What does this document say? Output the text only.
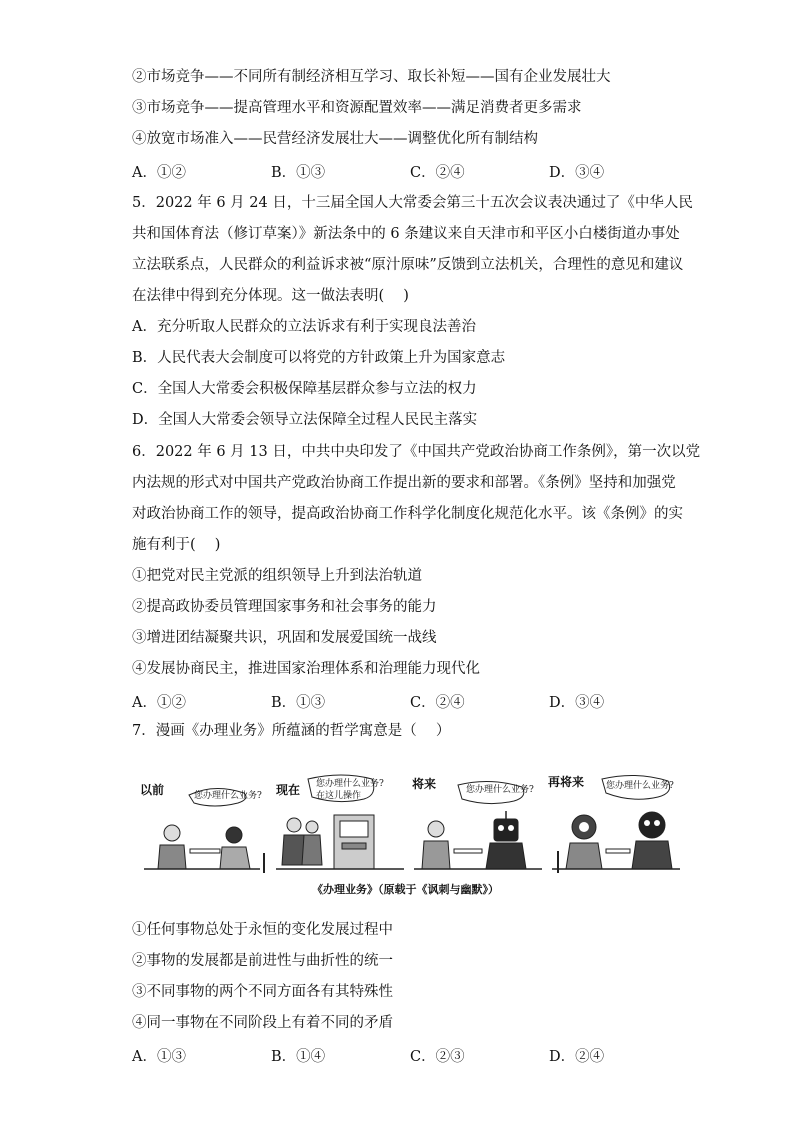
②市场竞争——不同所有制经济相互学习、取长补短——国有企业发展壮大
③市场竞争——提高管理水平和资源配置效率——满足消费者更多需求
④放宽市场准入——民营经济发展壮大——调整优化所有制结构
A．①②	B．①③	C．②④	D．③④
5．2022 年 6 月 24 日，十三届全国人大常委会第三十五次会议表决通过了《中华人民
共和国体育法（修订草案）》新法条中的 6 条建议来自天津市和平区小白楼街道办事处
立法联系点，人民群众的利益诉求被“原汁原味”反馈到立法机关，合理性的意见和建议
在法律中得到充分体现。这一做法表明(　 )
A．充分听取人民群众的立法诉求有利于实现良法善治
B．人民代表大会制度可以将党的方针政策上升为国家意志
C．全国人大常委会积极保障基层群众参与立法的权力
D．全国人大常委会领导立法保障全过程人民民主落实
6．2022 年 6 月 13 日，中共中央印发了《中国共产党政治协商工作条例》，第一次以党
内法规的形式对中国共产党政治协商工作提出新的要求和部署。《条例》坚持和加强党
对政治协商工作的领导，提高政治协商工作科学化制度化规范化水平。该《条例》的实
施有利于(　 )
①把党对民主党派的组织领导上升到法治轨道
②提高政协委员管理国家事务和社会事务的能力
③增进团结凝聚共识，巩固和发展爱国统一战线
④发展协商民主，推进国家治理体系和治理能力现代化
A．①②	B．①③	C．②④	D．③④
7．漫画《办理业务》所蕴涵的哲学寓意是（　 ）
以前	您办理什么业务? 现在 您办理什么业务?
在这儿操作
将来	您办理什么业务?
再将来 您办理什么业务?
《办理业务》（原载于《讽刺与幽默》）
①任何事物总处于永恒的变化发展过程中
②事物的发展都是前进性与曲折性的统一
③不同事物的两个不同方面各有其特殊性
④同一事物在不同阶段上有着不同的矛盾
A．①③	B．①④	C．②③	D．②④
